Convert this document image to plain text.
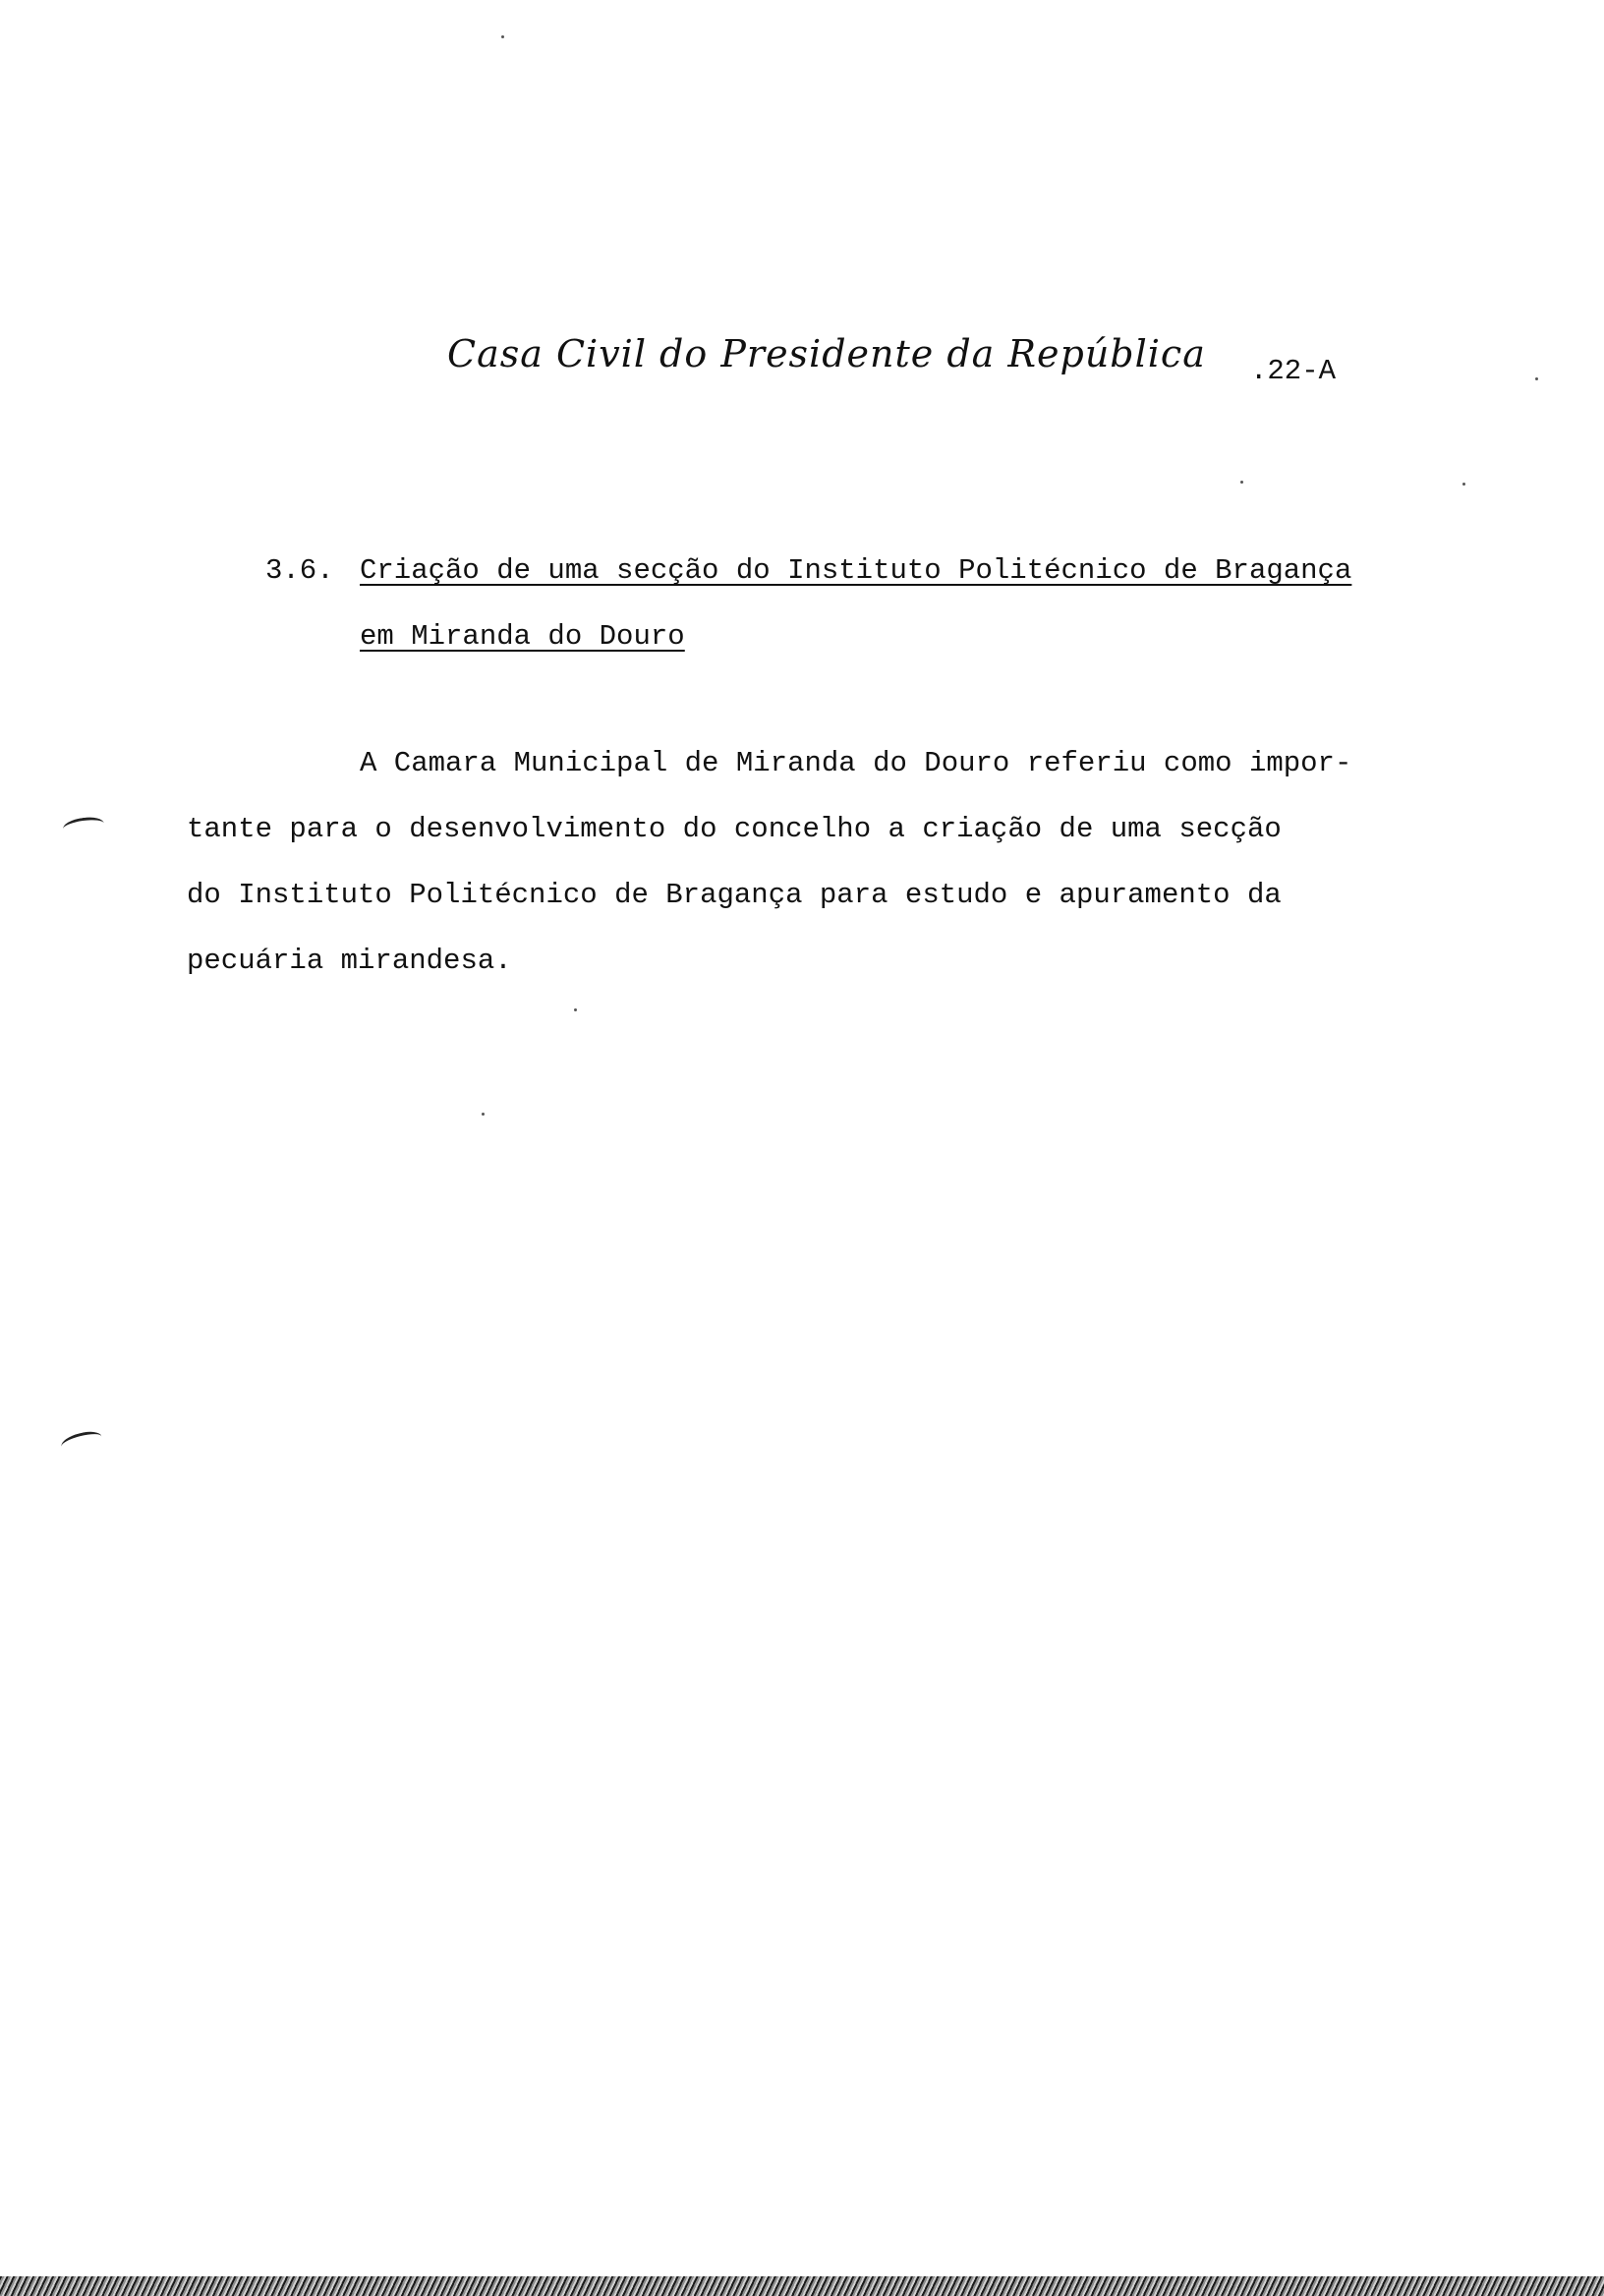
Casa Civil do Presidente da República .22-A
3.6. Criação de uma secção do Instituto Politécnico de Bragança
em Miranda do Douro
A Camara Municipal de Miranda do Douro referiu como impor-
tante para o desenvolvimento do concelho a criação de uma secção
do Instituto Politécnico de Bragança para estudo e apuramento da
pecuária mirandesa.
